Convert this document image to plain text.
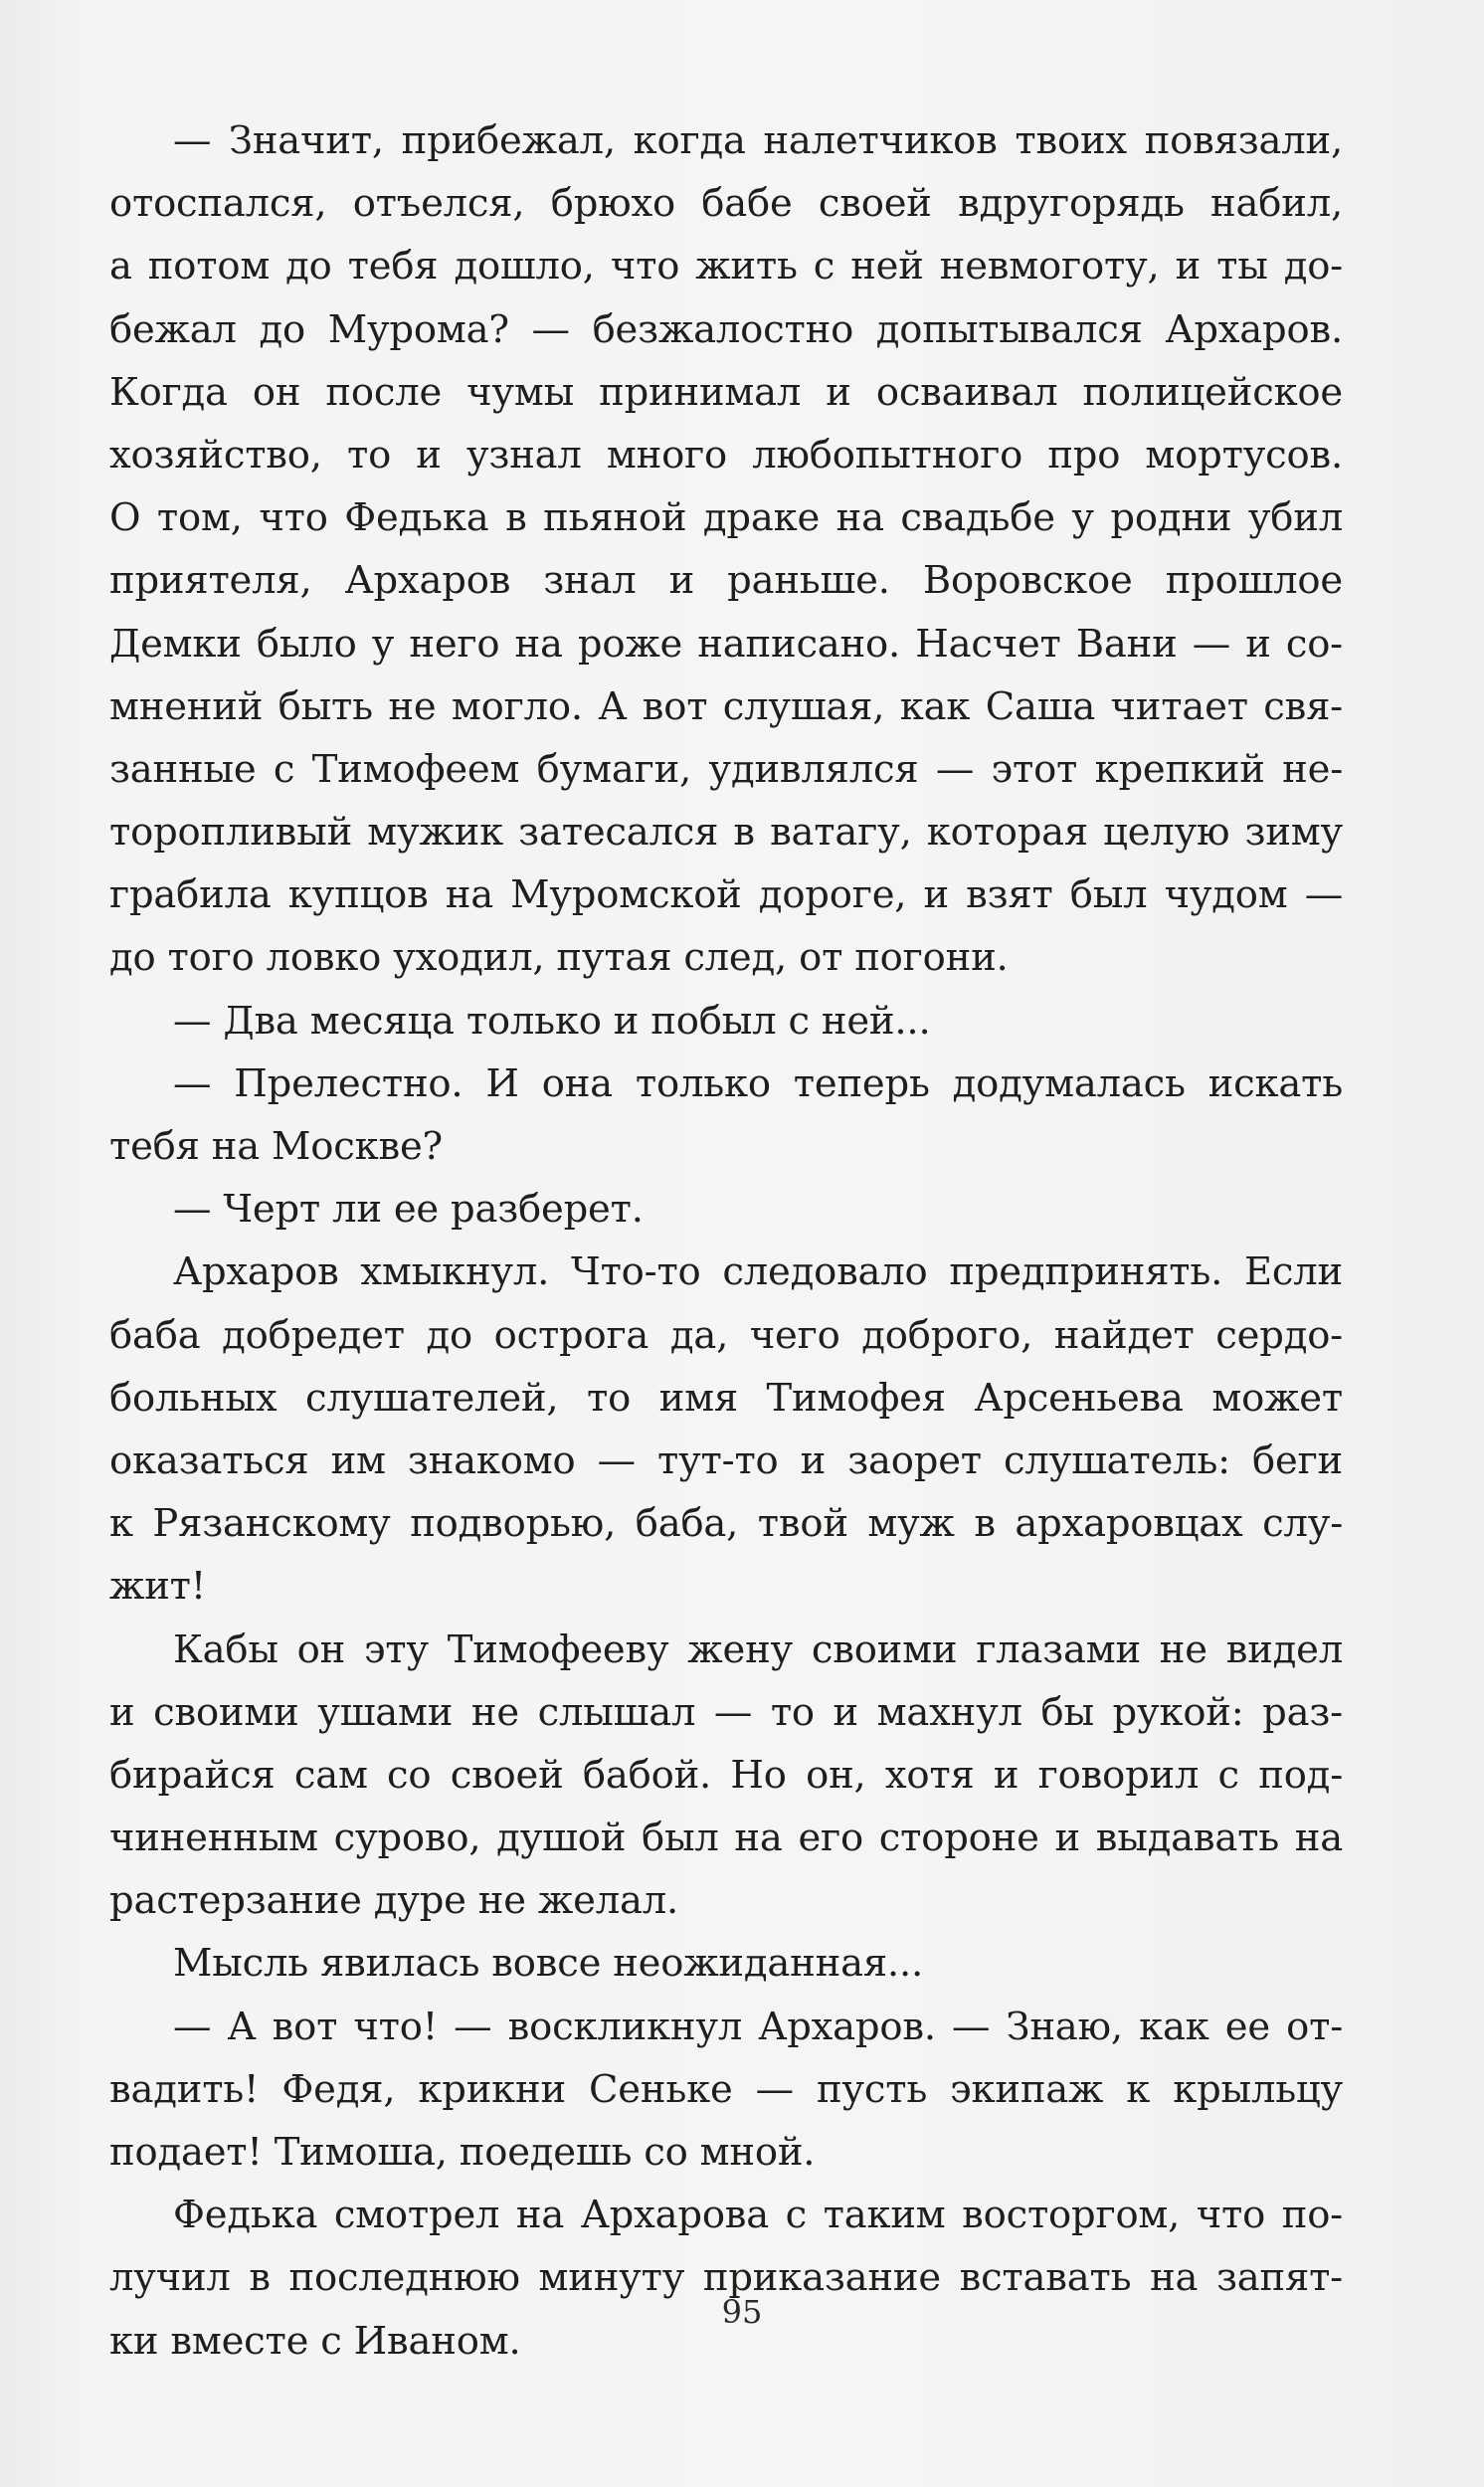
— Значит, прибежал, когда налетчиков твоих повязали,
отоспался, отъелся, брюхо бабе своей вдругорядь набил,
а потом до тебя дошло, что жить с ней невмоготу, и ты до-
бежал до Мурома? — безжалостно допытывался Архаров.
Когда он после чумы принимал и осваивал полицейское
хозяйство, то и узнал много любопытного про мортусов.
О том, что Федька в пьяной драке на свадьбе у родни убил
приятеля, Архаров знал и раньше. Воровское прошлое
Демки было у него на роже написано. Насчет Вани — и со-
мнений быть не могло. А вот слушая, как Саша читает свя-
занные с Тимофеем бумаги, удивлялся — этот крепкий не-
торопливый мужик затесался в ватагу, которая целую зиму
грабила купцов на Муромской дороге, и взят был чудом —
до того ловко уходил, путая след, от погони.
— Два месяца только и побыл с ней...
— Прелестно. И она только теперь додумалась искать
тебя на Москве?
— Черт ли ее разберет.
Архаров хмыкнул. Что-то следовало предпринять. Если
баба добредет до острога да, чего доброго, найдет сердо-
больных слушателей, то имя Тимофея Арсеньева может
оказаться им знакомо — тут-то и заорет слушатель: беги
к Рязанскому подворью, баба, твой муж в архаровцах слу-
жит!
Кабы он эту Тимофееву жену своими глазами не видел
и своими ушами не слышал — то и махнул бы рукой: раз-
бирайся сам со своей бабой. Но он, хотя и говорил с под-
чиненным сурово, душой был на его стороне и выдавать на
растерзание дуре не желал.
Мысль явилась вовсе неожиданная...
— А вот что! — воскликнул Архаров. — Знаю, как ее от-
вадить! Федя, крикни Сеньке — пусть экипаж к крыльцу
подает! Тимоша, поедешь со мной.
Федька смотрел на Архарова с таким восторгом, что по-
лучил в последнюю минуту приказание вставать на запят-
ки вместе с Иваном.
95
